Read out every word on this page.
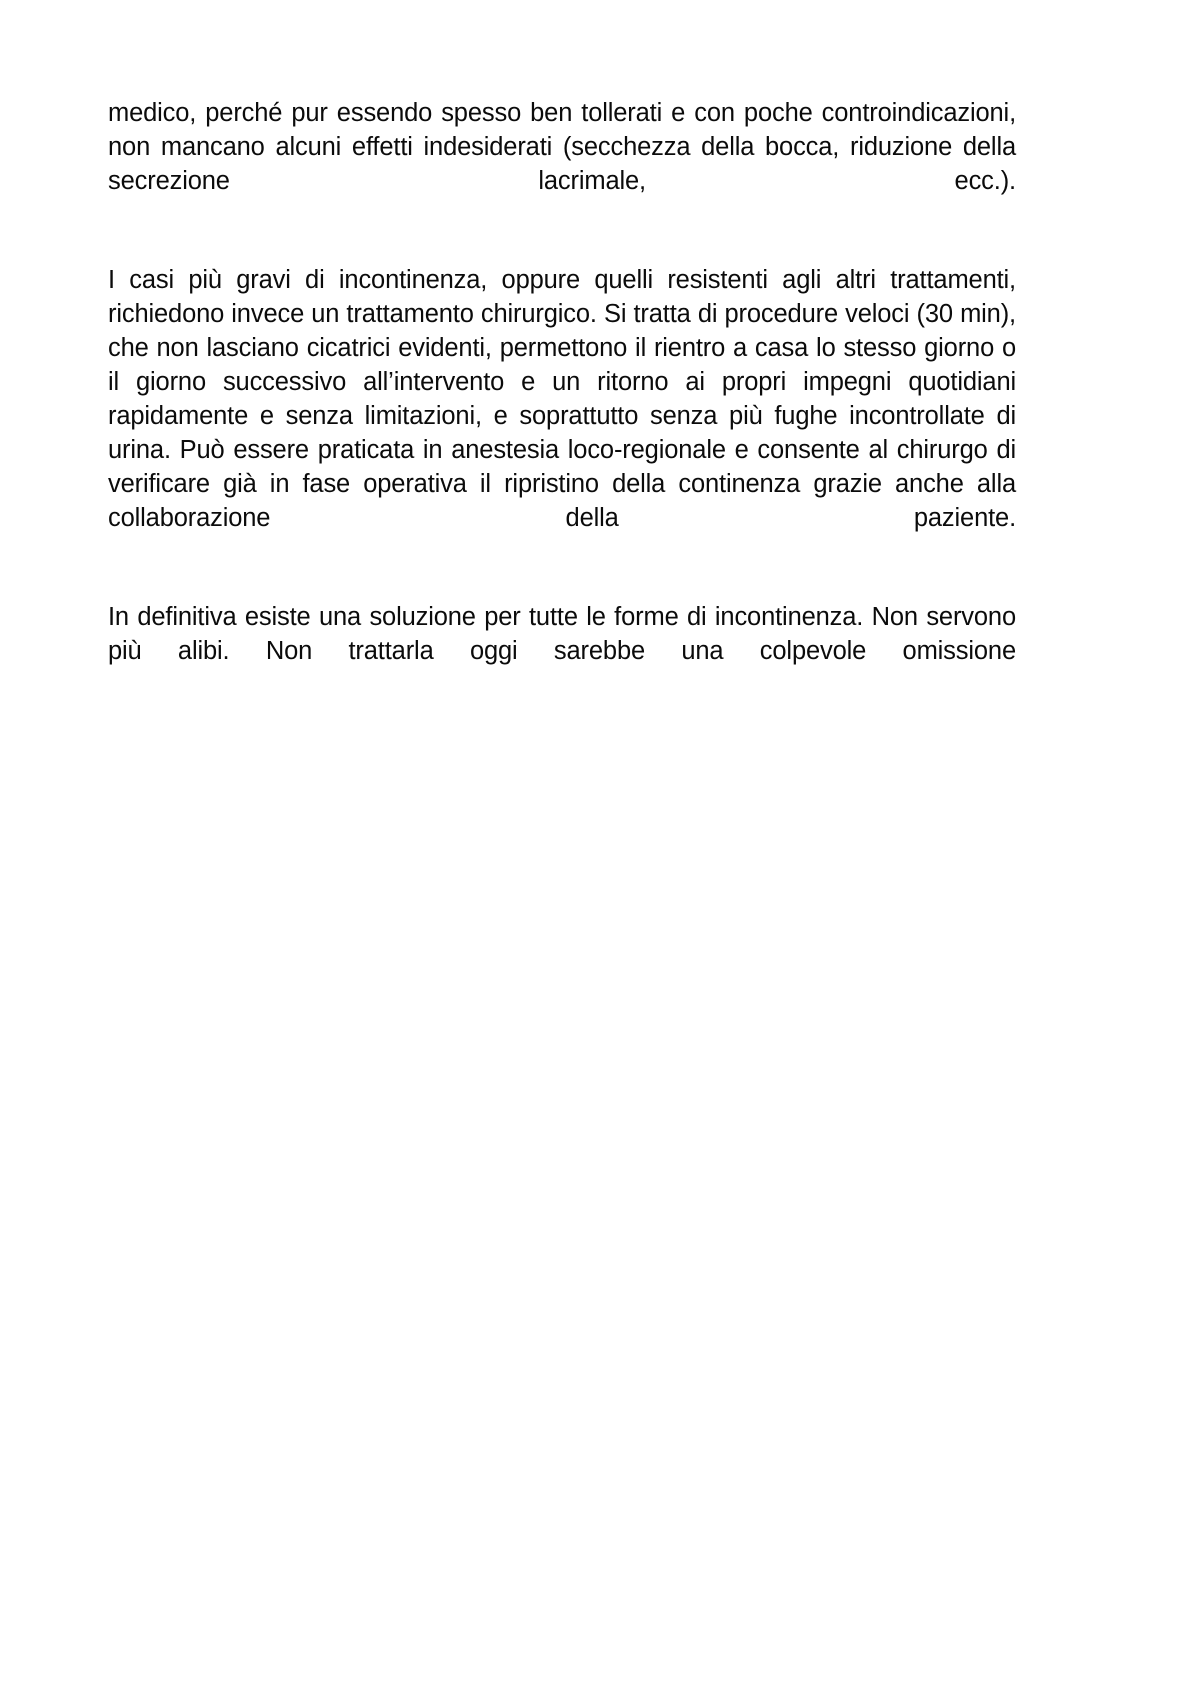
medico, perché pur essendo spesso ben tollerati e con poche controindicazioni, non mancano alcuni effetti indesiderati (secchezza della bocca, riduzione della secrezione lacrimale, ecc.).

I casi più gravi di incontinenza, oppure quelli resistenti agli altri trattamenti, richiedono invece un trattamento chirurgico. Si tratta di procedure veloci (30 min), che non lasciano cicatrici evidenti, permettono il rientro a casa lo stesso giorno o il giorno successivo all’intervento e un ritorno ai propri impegni quotidiani rapidamente e senza limitazioni, e soprattutto senza più fughe incontrollate di urina. Può essere praticata in anestesia loco-regionale e consente al chirurgo di verificare già in fase operativa il ripristino della continenza grazie anche alla collaborazione della paziente.

In definitiva esiste una soluzione per tutte le forme di incontinenza. Non servono più alibi. Non trattarla oggi sarebbe una colpevole omissione
